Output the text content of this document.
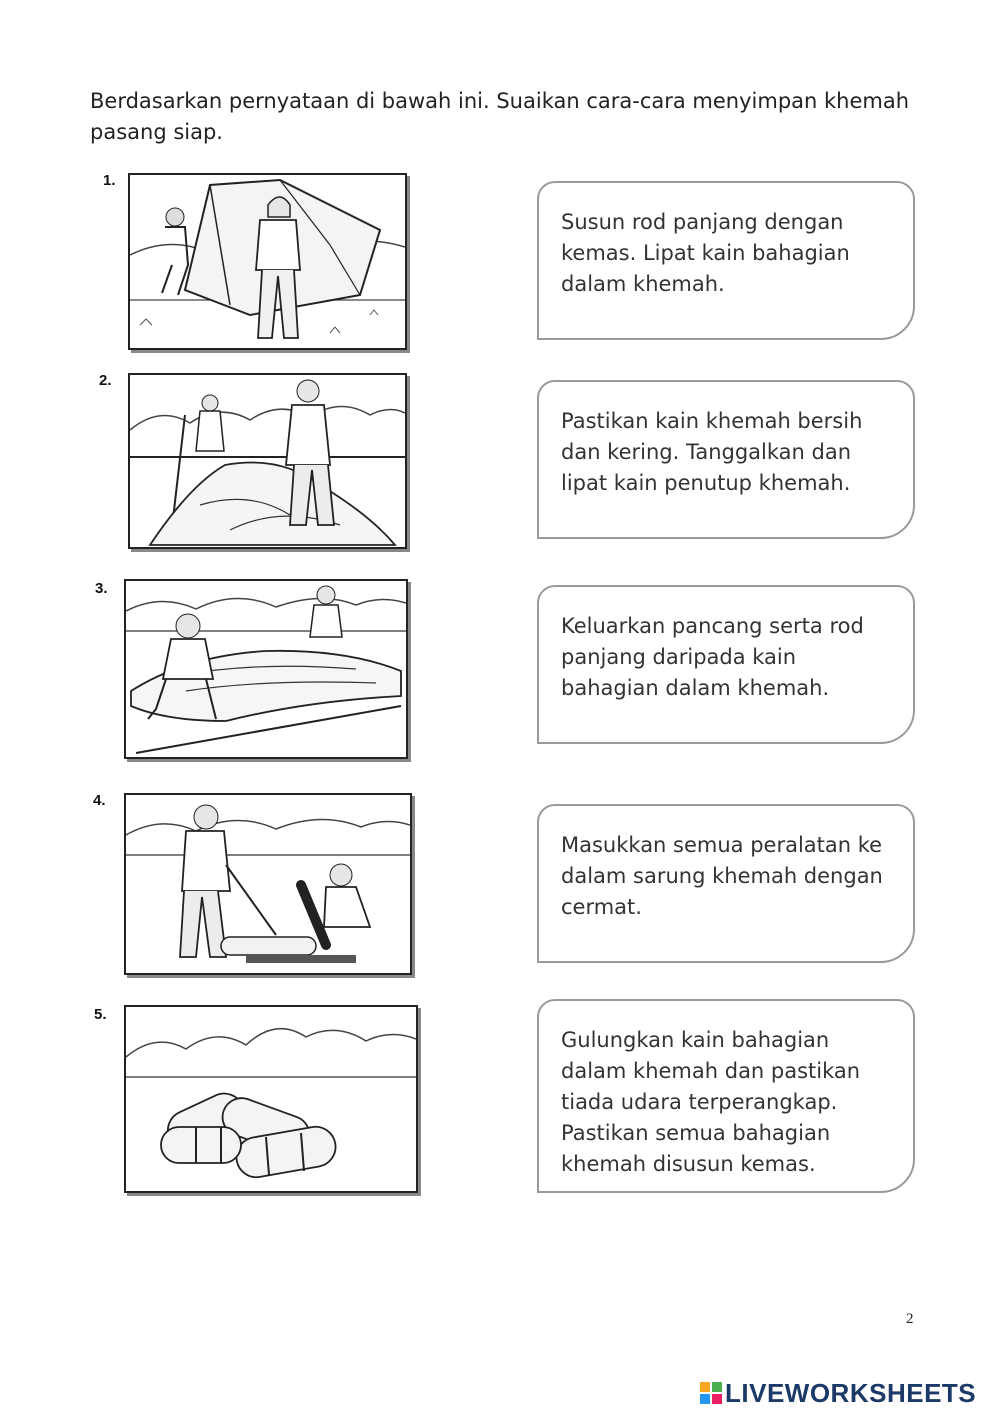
Berdasarkan pernyataan di bawah ini. Suaikan cara-cara menyimpan khemah pasang siap.
1.
2.
3.
4.
5.
Susun rod panjang dengan kemas. Lipat kain bahagian dalam khemah.
Pastikan kain khemah bersih dan kering. Tanggalkan dan lipat kain penutup khemah.
Keluarkan pancang serta rod panjang daripada kain bahagian dalam khemah.
Masukkan semua peralatan ke dalam sarung khemah dengan cermat.
Gulungkan kain bahagian dalam khemah dan pastikan tiada udara terperangkap. Pastikan semua bahagian khemah disusun kemas.
2
LIVEWORKSHEETS
